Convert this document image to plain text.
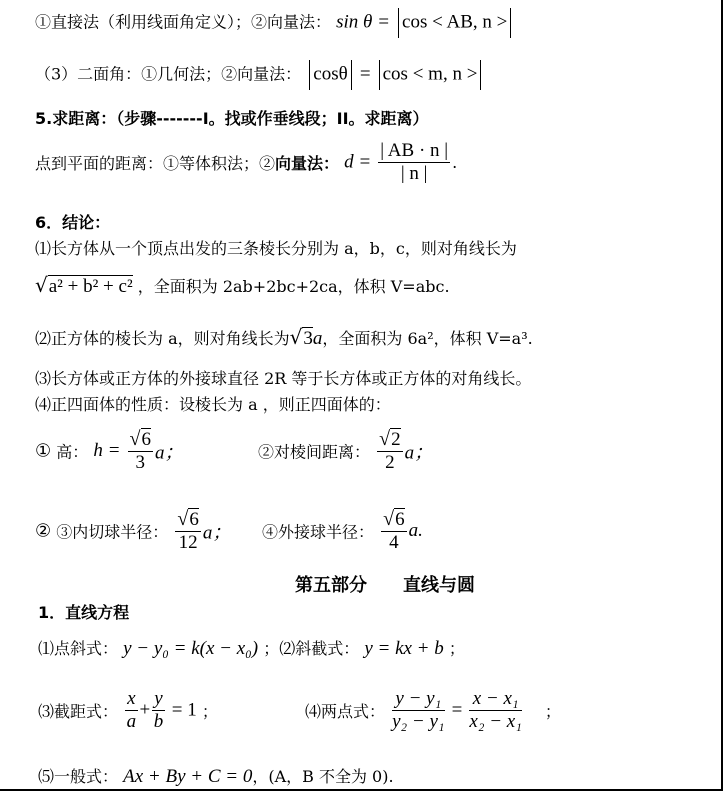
①直接法（利用线面角定义）；②向量法： sin θ = cos < AB, n >
（3）二面角：①几何法；②向量法： cosθ = cos < m, n >
5.求距离：（步骤-------I。找或作垂线段；II。求距离）
点到平面的距离：①等体积法；②向量法： $d = \frac{| AB \cdot n |}{| n |}$ .
6．结论：
⑴长方体从一个顶点出发的三条棱长分别为 a，b，c，则对角线长为
√a² + b² + c² ，全面积为 2ab+2bc+2ca，体积 V=abc.
⑵正方体的棱长为 a，则对角线长为√3a，全面积为 6a²，体积 V=a³.
⑶长方体或正方体的外接球直径 2R 等于长方体或正方体的对角线长。
⑷正四面体的性质：设棱长为 a ，则正四面体的：
① 高： $h = \frac{√6}{3}$ a；	②对棱间距离： $\frac{√2}{2}$ a；
② ③内切球半径： $\frac{√6}{12}$ a； ④外接球半径： $\frac{√6}{4} a$.
第五部分　　直线与圆
1．直线方程
⑴点斜式： y − y₀ = k(x − x₀) ；⑵斜截式： y = kx + b ；
⑶截距式： $\frac{x}{a} + \frac{y}{b} = 1$ ；	⑷两点式： $\frac{\text{y − y₁}}{\text{y₂ − y₁}} = \frac{\text{x − x₁}}{\text{x₂ − x₁}}$ ；
⑸一般式： Ax + By + C = 0，(A，B 不全为 0).
